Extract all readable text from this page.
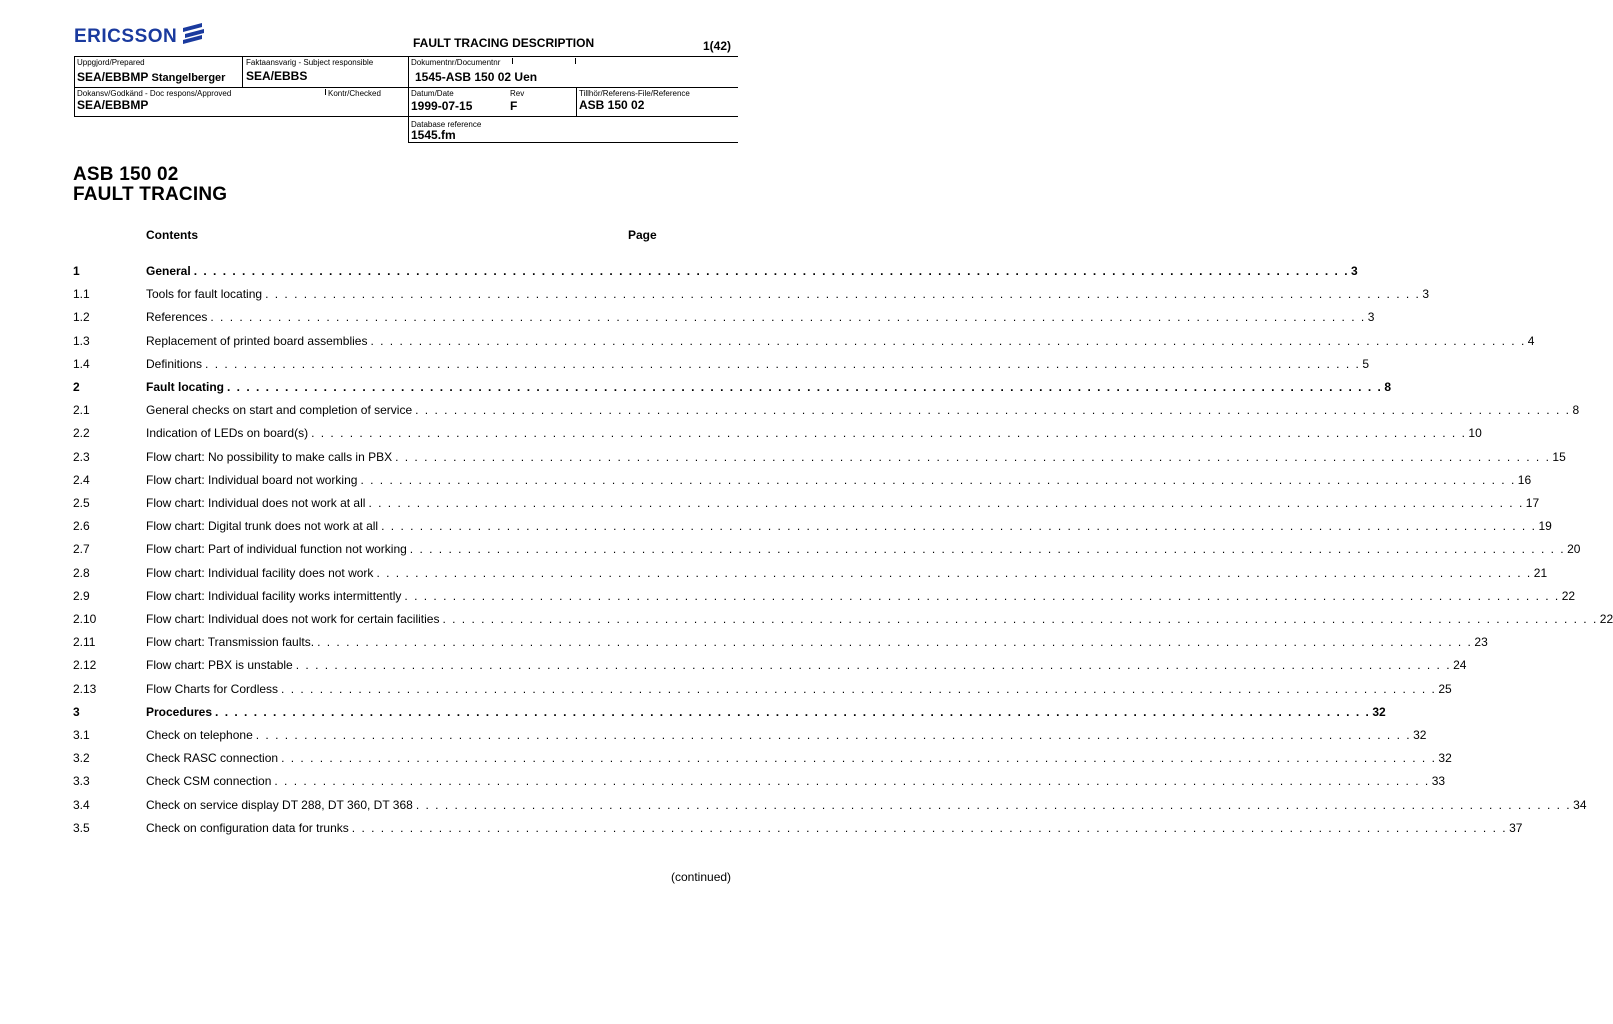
ERICSSON	FAULT TRACING DESCRIPTION	1(42)
Uppgjord/Prepared
SEA/EBBMP Stangelberger
Faktaansvarig - Subject responsible
SEA/EBBS
Dokumentnr/Documentnr
1545-ASB 150 02 Uen
Dokansv/Godkänd - Doc respons/Approved
SEA/EBBMP
Kontr/Checked	Datum/Date
1999-07-15
Rev
F
Tillhör/Referens-File/Reference
ASB 150 02
Database reference
1545.fm
ASB 150 02
FAULT TRACING
Contents	Page
1	General . . . . . . . . . . . . . . . . . . . . . . . . . . . . . . . . . . . . . . . . . . . . . . . . . . . . . . . . . . . . . . . . . . . . . . . . . . . . . . . . . . . . . . . . . . . . . . . . . . . . . . . . . . . . . . . . . . . . . . . . 3
1.1	Tools for fault locating . . . . . . . . . . . . . . . . . . . . . . . . . . . . . . . . . . . . . . . . . . . . . . . . . . . . . . . . . . . . . . . . . . . . . . . . . . . . . . . . . . . . . . . . . . . . . . . . . . . . . . . . . . . . . . . . . . . . . . . . 3
1.2	References . . . . . . . . . . . . . . . . . . . . . . . . . . . . . . . . . . . . . . . . . . . . . . . . . . . . . . . . . . . . . . . . . . . . . . . . . . . . . . . . . . . . . . . . . . . . . . . . . . . . . . . . . . . . . . . . . . . . . . . . 3
1.3	Replacement of printed board assemblies . . . . . . . . . . . . . . . . . . . . . . . . . . . . . . . . . . . . . . . . . . . . . . . . . . . . . . . . . . . . . . . . . . . . . . . . . . . . . . . . . . . . . . . . . . . . . . . . . . . . . . . . . . . . . . . . . . . . . . . . 4
1.4	Definitions . . . . . . . . . . . . . . . . . . . . . . . . . . . . . . . . . . . . . . . . . . . . . . . . . . . . . . . . . . . . . . . . . . . . . . . . . . . . . . . . . . . . . . . . . . . . . . . . . . . . . . . . . . . . . . . . . . . . . . . . 5
2	Fault locating . . . . . . . . . . . . . . . . . . . . . . . . . . . . . . . . . . . . . . . . . . . . . . . . . . . . . . . . . . . . . . . . . . . . . . . . . . . . . . . . . . . . . . . . . . . . . . . . . . . . . . . . . . . . . . . . . . . . . . . . 8
2.1	General checks on start and completion of service . . . . . . . . . . . . . . . . . . . . . . . . . . . . . . . . . . . . . . . . . . . . . . . . . . . . . . . . . . . . . . . . . . . . . . . . . . . . . . . . . . . . . . . . . . . . . . . . . . . . . . . . . . . . . . . . . . . . . . . . 8
2.2	Indication of LEDs on board(s) . . . . . . . . . . . . . . . . . . . . . . . . . . . . . . . . . . . . . . . . . . . . . . . . . . . . . . . . . . . . . . . . . . . . . . . . . . . . . . . . . . . . . . . . . . . . . . . . . . . . . . . . . . . . . . . . . . . . . . . . 10
2.3	Flow chart: No possibility to make calls in PBX . . . . . . . . . . . . . . . . . . . . . . . . . . . . . . . . . . . . . . . . . . . . . . . . . . . . . . . . . . . . . . . . . . . . . . . . . . . . . . . . . . . . . . . . . . . . . . . . . . . . . . . . . . . . . . . . . . . . . . . . 15
2.4	Flow chart: Individual board not working . . . . . . . . . . . . . . . . . . . . . . . . . . . . . . . . . . . . . . . . . . . . . . . . . . . . . . . . . . . . . . . . . . . . . . . . . . . . . . . . . . . . . . . . . . . . . . . . . . . . . . . . . . . . . . . . . . . . . . . . 16
2.5	Flow chart: Individual does not work at all . . . . . . . . . . . . . . . . . . . . . . . . . . . . . . . . . . . . . . . . . . . . . . . . . . . . . . . . . . . . . . . . . . . . . . . . . . . . . . . . . . . . . . . . . . . . . . . . . . . . . . . . . . . . . . . . . . . . . . . . 17
2.6	Flow chart: Digital trunk does not work at all . . . . . . . . . . . . . . . . . . . . . . . . . . . . . . . . . . . . . . . . . . . . . . . . . . . . . . . . . . . . . . . . . . . . . . . . . . . . . . . . . . . . . . . . . . . . . . . . . . . . . . . . . . . . . . . . . . . . . . . . 19
2.7	Flow chart: Part of individual function not working . . . . . . . . . . . . . . . . . . . . . . . . . . . . . . . . . . . . . . . . . . . . . . . . . . . . . . . . . . . . . . . . . . . . . . . . . . . . . . . . . . . . . . . . . . . . . . . . . . . . . . . . . . . . . . . . . . . . . . . . 20
2.8	Flow chart: Individual facility does not work . . . . . . . . . . . . . . . . . . . . . . . . . . . . . . . . . . . . . . . . . . . . . . . . . . . . . . . . . . . . . . . . . . . . . . . . . . . . . . . . . . . . . . . . . . . . . . . . . . . . . . . . . . . . . . . . . . . . . . . . 21
2.9	Flow chart: Individual facility works intermittently . . . . . . . . . . . . . . . . . . . . . . . . . . . . . . . . . . . . . . . . . . . . . . . . . . . . . . . . . . . . . . . . . . . . . . . . . . . . . . . . . . . . . . . . . . . . . . . . . . . . . . . . . . . . . . . . . . . . . . . . 22
2.10	Flow chart: Individual does not work for certain facilities . . . . . . . . . . . . . . . . . . . . . . . . . . . . . . . . . . . . . . . . . . . . . . . . . . . . . . . . . . . . . . . . . . . . . . . . . . . . . . . . . . . . . . . . . . . . . . . . . . . . . . . . . . . . . . . . . . . . . . . . 22
2.11	Flow chart: Transmission faults. . . . . . . . . . . . . . . . . . . . . . . . . . . . . . . . . . . . . . . . . . . . . . . . . . . . . . . . . . . . . . . . . . . . . . . . . . . . . . . . . . . . . . . . . . . . . . . . . . . . . . . . . . . . . . . . . . . . . . . . . 23
2.12	Flow chart: PBX is unstable . . . . . . . . . . . . . . . . . . . . . . . . . . . . . . . . . . . . . . . . . . . . . . . . . . . . . . . . . . . . . . . . . . . . . . . . . . . . . . . . . . . . . . . . . . . . . . . . . . . . . . . . . . . . . . . . . . . . . . . . 24
2.13	Flow Charts for Cordless . . . . . . . . . . . . . . . . . . . . . . . . . . . . . . . . . . . . . . . . . . . . . . . . . . . . . . . . . . . . . . . . . . . . . . . . . . . . . . . . . . . . . . . . . . . . . . . . . . . . . . . . . . . . . . . . . . . . . . . . 25
3	Procedures . . . . . . . . . . . . . . . . . . . . . . . . . . . . . . . . . . . . . . . . . . . . . . . . . . . . . . . . . . . . . . . . . . . . . . . . . . . . . . . . . . . . . . . . . . . . . . . . . . . . . . . . . . . . . . . . . . . . . . . . 32
3.1	Check on telephone . . . . . . . . . . . . . . . . . . . . . . . . . . . . . . . . . . . . . . . . . . . . . . . . . . . . . . . . . . . . . . . . . . . . . . . . . . . . . . . . . . . . . . . . . . . . . . . . . . . . . . . . . . . . . . . . . . . . . . . . 32
3.2	Check RASC connection . . . . . . . . . . . . . . . . . . . . . . . . . . . . . . . . . . . . . . . . . . . . . . . . . . . . . . . . . . . . . . . . . . . . . . . . . . . . . . . . . . . . . . . . . . . . . . . . . . . . . . . . . . . . . . . . . . . . . . . . 32
3.3	Check CSM connection . . . . . . . . . . . . . . . . . . . . . . . . . . . . . . . . . . . . . . . . . . . . . . . . . . . . . . . . . . . . . . . . . . . . . . . . . . . . . . . . . . . . . . . . . . . . . . . . . . . . . . . . . . . . . . . . . . . . . . . . 33
3.4	Check on service display DT 288, DT 360, DT 368 . . . . . . . . . . . . . . . . . . . . . . . . . . . . . . . . . . . . . . . . . . . . . . . . . . . . . . . . . . . . . . . . . . . . . . . . . . . . . . . . . . . . . . . . . . . . . . . . . . . . . . . . . . . . . . . . . . . . . . . . 34
3.5	Check on configuration data for trunks . . . . . . . . . . . . . . . . . . . . . . . . . . . . . . . . . . . . . . . . . . . . . . . . . . . . . . . . . . . . . . . . . . . . . . . . . . . . . . . . . . . . . . . . . . . . . . . . . . . . . . . . . . . . . . . . . . . . . . . . 37
(continued)
